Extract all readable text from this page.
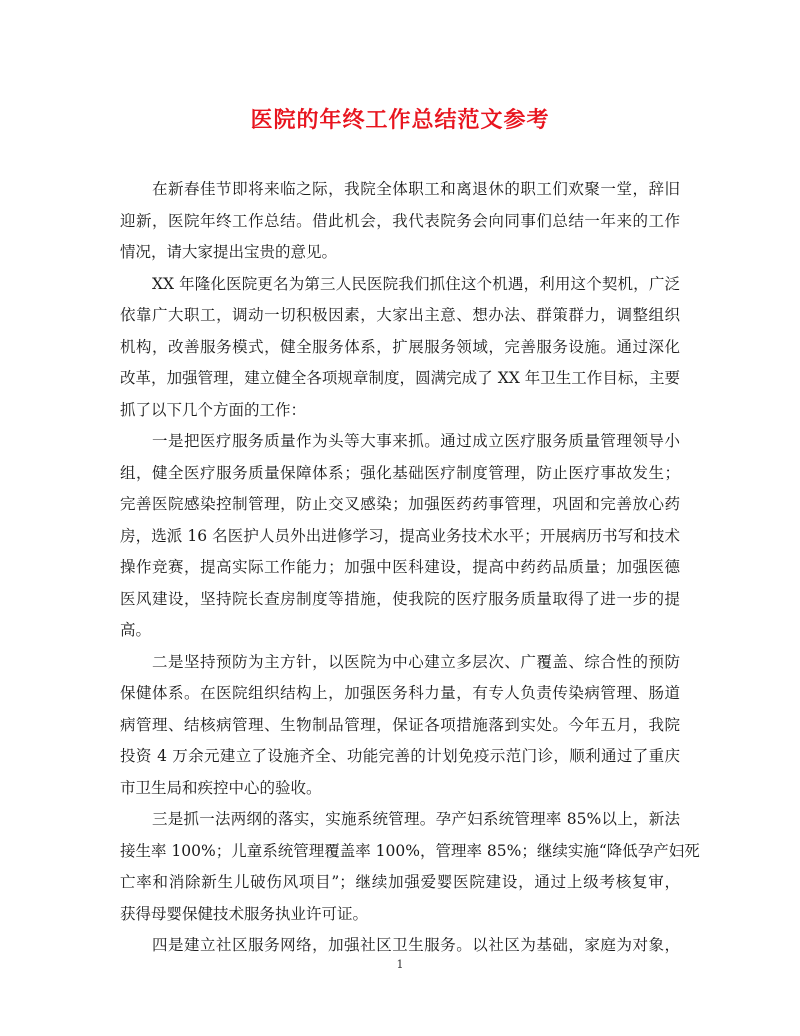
医院的年终工作总结范文参考
在新春佳节即将来临之际，我院全体职工和离退休的职工们欢聚一堂，辞旧
迎新，医院年终工作总结。借此机会，我代表院务会向同事们总结一年来的工作
情况，请大家提出宝贵的意见。
XX 年隆化医院更名为第三人民医院我们抓住这个机遇，利用这个契机，广泛
依靠广大职工，调动一切积极因素，大家出主意、想办法、群策群力，调整组织
机构，改善服务模式，健全服务体系，扩展服务领域，完善服务设施。通过深化
改革，加强管理，建立健全各项规章制度，圆满完成了 XX 年卫生工作目标，主要
抓了以下几个方面的工作：
一是把医疗服务质量作为头等大事来抓。通过成立医疗服务质量管理领导小
组，健全医疗服务质量保障体系；强化基础医疗制度管理，防止医疗事故发生；
完善医院感染控制管理，防止交叉感染；加强医药药事管理，巩固和完善放心药
房，选派 16 名医护人员外出进修学习，提高业务技术水平；开展病历书写和技术
操作竞赛，提高实际工作能力；加强中医科建设，提高中药药品质量；加强医德
医风建设，坚持院长查房制度等措施，使我院的医疗服务质量取得了进一步的提
高。
二是坚持预防为主方针，以医院为中心建立多层次、广覆盖、综合性的预防
保健体系。在医院组织结构上，加强医务科力量，有专人负责传染病管理、肠道
病管理、结核病管理、生物制品管理，保证各项措施落到实处。今年五月，我院
投资 4 万余元建立了设施齐全、功能完善的计划免疫示范门诊，顺利通过了重庆
市卫生局和疾控中心的验收。
三是抓一法两纲的落实，实施系统管理。孕产妇系统管理率 85%以上，新法
接生率 100%；儿童系统管理覆盖率 100%，管理率 85%；继续实施“降低孕产妇死
亡率和消除新生儿破伤风项目”；继续加强爱婴医院建设，通过上级考核复审，
获得母婴保健技术服务执业许可证。
四是建立社区服务网络，加强社区卫生服务。以社区为基础，家庭为对象，
1
